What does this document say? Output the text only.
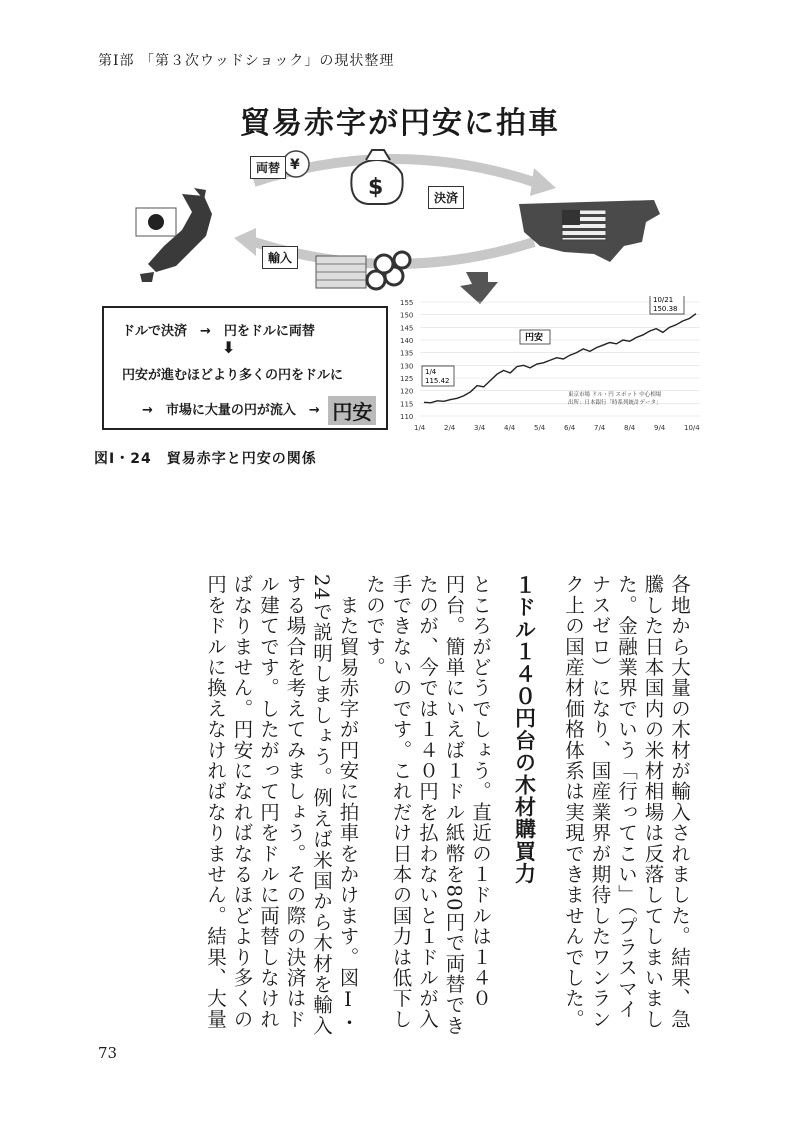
第Ⅰ部 「第３次ウッドショック」の現状整理
貿易赤字が円安に拍車
¥
$
両替
決済
輸入
ドルで決済　→　円をドルに両替
⬇
円安が進むほどより多くの円をドルに
→　市場に大量の円が流入　→ 円安	110
115
120
125
130
135
140
145
150
155
1/4	2/4	3/4	4/4	5/4	6/4	7/4	8/4	9/4	10/4
1/4
115.42
10/21
150.38
円安
東京市場 ドル・円 スポット 中心相場
出所：日本銀行「時系列統計データ」
図Ⅰ・24　貿易赤字と円安の関係
各地から大量の木材が輸入されました。結果、急
騰した日本国内の米材相場は反落してしまいまし
た。金融業界でいう「行ってこい」（プラスマイ
ナスゼロ）になり、国産業界が期待したワンラン
ク上の国産材価格体系は実現できませんでした。
１ドル１４０円台の木材購買力
ところがどうでしょう。直近の１ドルは１４０
円台。簡単にいえば１ドル紙幣を80円で両替でき
たのが、今では１４０円を払わないと１ドルが入
手できないのです。これだけ日本の国力は低下し
たのです。
　また貿易赤字が円安に拍車をかけます。図Ⅰ・
24で説明しましょう。例えば米国から木材を輸入
する場合を考えてみましょう。その際の決済はド
ル建てです。したがって円をドルに両替しなけれ
ばなりません。円安になればなるほどより多くの
円をドルに換えなければなりません。結果、大量
73
